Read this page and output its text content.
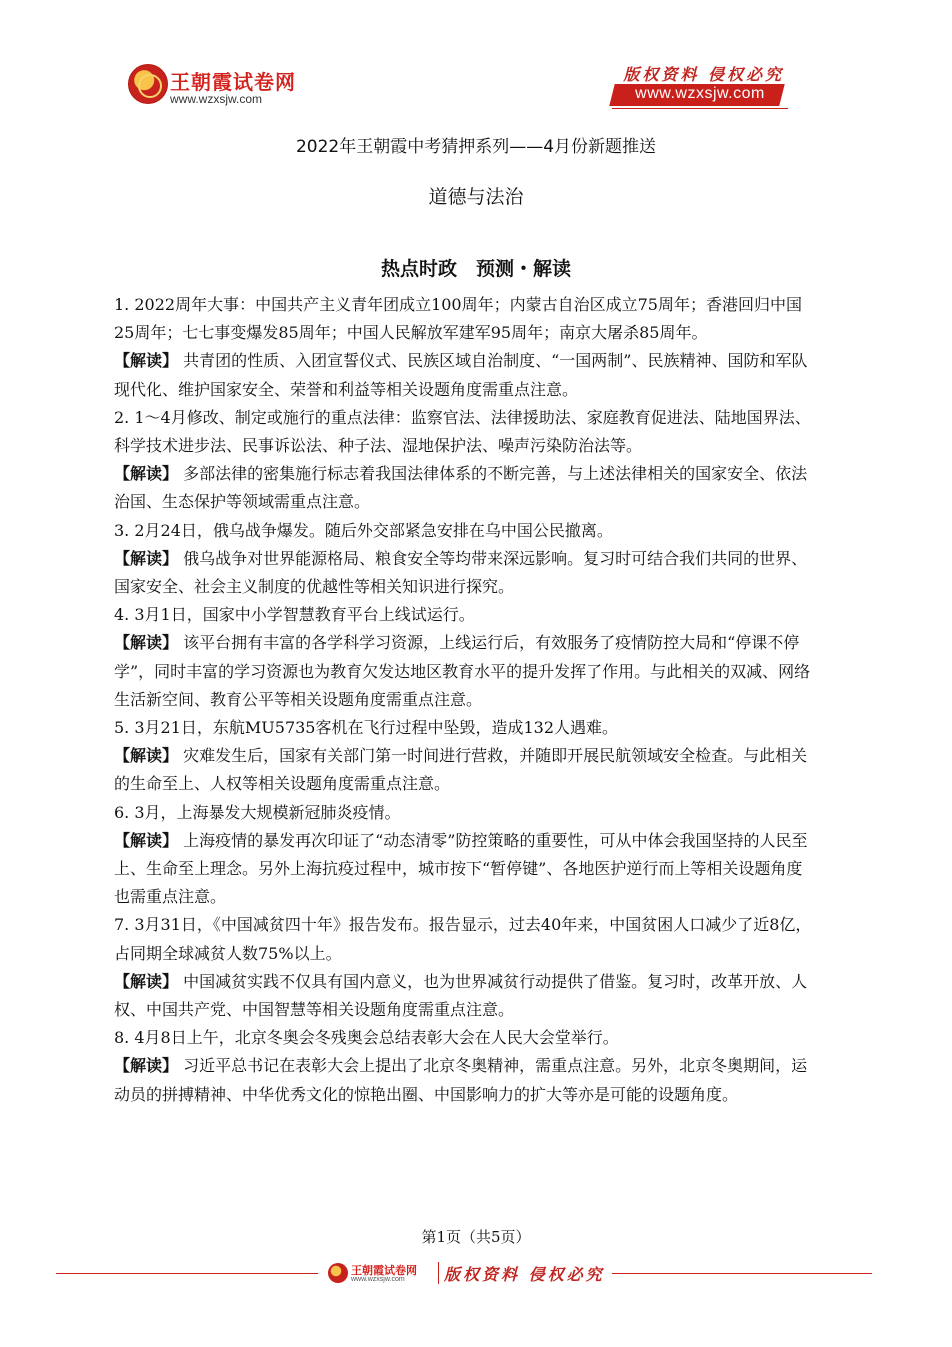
王朝霞试卷网
www.wzxsjw.com
版权资料 侵权必究
www.wzxsjw.com
2022年王朝霞中考猜押系列——4月份新题推送
道德与法治
热点时政　预测・解读

1. 2022周年大事：中国共产主义青年团成立100周年；内蒙古自治区成立75周年；香港回归中国25周年；七七事变爆发85周年；中国人民解放军建军95周年；南京大屠杀85周年。

【解读】 共青团的性质、入团宣誓仪式、民族区域自治制度、“一国两制”、民族精神、国防和军队现代化、维护国家安全、荣誉和利益等相关设题角度需重点注意。

2. 1～4月修改、制定或施行的重点法律：监察官法、法律援助法、家庭教育促进法、陆地国界法、科学技术进步法、民事诉讼法、种子法、湿地保护法、噪声污染防治法等。

【解读】 多部法律的密集施行标志着我国法律体系的不断完善，与上述法律相关的国家安全、依法治国、生态保护等领域需重点注意。

3. 2月24日，俄乌战争爆发。随后外交部紧急安排在乌中国公民撤离。

【解读】 俄乌战争对世界能源格局、粮食安全等均带来深远影响。复习时可结合我们共同的世界、国家安全、社会主义制度的优越性等相关知识进行探究。

4. 3月1日，国家中小学智慧教育平台上线试运行。

【解读】 该平台拥有丰富的各学科学习资源，上线运行后，有效服务了疫情防控大局和“停课不停学”，同时丰富的学习资源也为教育欠发达地区教育水平的提升发挥了作用。与此相关的双减、网络生活新空间、教育公平等相关设题角度需重点注意。

5. 3月21日，东航MU5735客机在飞行过程中坠毁，造成132人遇难。

【解读】 灾难发生后，国家有关部门第一时间进行营救，并随即开展民航领域安全检查。与此相关的生命至上、人权等相关设题角度需重点注意。

6. 3月，上海暴发大规模新冠肺炎疫情。

【解读】 上海疫情的暴发再次印证了“动态清零”防控策略的重要性，可从中体会我国坚持的人民至上、生命至上理念。另外上海抗疫过程中，城市按下“暂停键”、各地医护逆行而上等相关设题角度也需重点注意。

7. 3月31日，《中国减贫四十年》报告发布。报告显示，过去40年来，中国贫困人口减少了近8亿，占同期全球减贫人数75%以上。

【解读】 中国减贫实践不仅具有国内意义，也为世界减贫行动提供了借鉴。复习时，改革开放、人权、中国共产党、中国智慧等相关设题角度需重点注意。

8. 4月8日上午，北京冬奥会冬残奥会总结表彰大会在人民大会堂举行。

【解读】 习近平总书记在表彰大会上提出了北京冬奥精神，需重点注意。另外，北京冬奥期间，运动员的拼搏精神、中华优秀文化的惊艳出圈、中国影响力的扩大等亦是可能的设题角度。

第1页（共5页）
王朝霞试卷网
www.wzxsjw.com 版权资料 侵权必究
